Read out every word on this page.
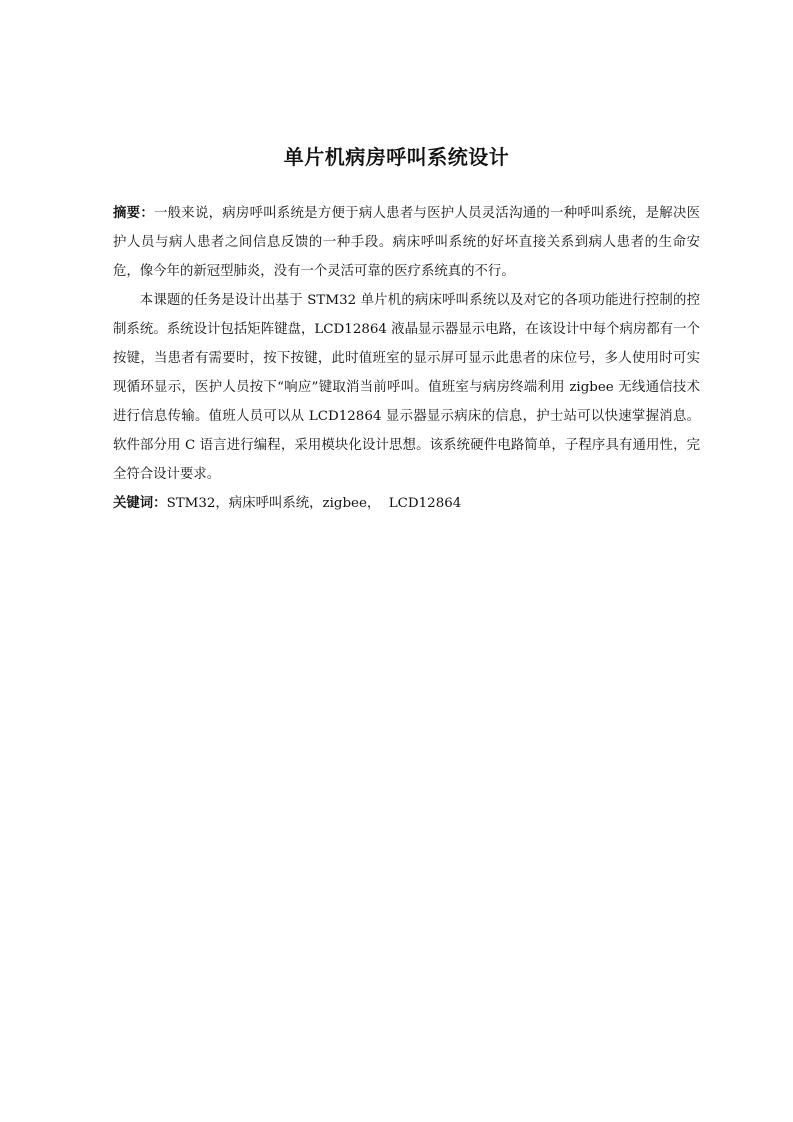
单片机病房呼叫系统设计

摘要：一般来说，病房呼叫系统是方便于病人患者与医护人员灵活沟通的一种呼叫系统，是解决医护人员与病人患者之间信息反馈的一种手段。病床呼叫系统的好坏直接关系到病人患者的生命安危，像今年的新冠型肺炎，没有一个灵活可靠的医疗系统真的不行。

本课题的任务是设计出基于 STM32 单片机的病床呼叫系统以及对它的各项功能进行控制的控制系统。系统设计包括矩阵键盘，LCD12864 液晶显示器显示电路，在该设计中每个病房都有一个按键，当患者有需要时，按下按键，此时值班室的显示屏可显示此患者的床位号，多人使用时可实现循环显示，医护人员按下“响应”键取消当前呼叫。值班室与病房终端利用 zigbee 无线通信技术进行信息传输。值班人员可以从 LCD12864 显示器显示病床的信息，护士站可以快速掌握消息。软件部分用 C 语言进行编程，采用模块化设计思想。该系统硬件电路简单，子程序具有通用性，完全符合设计要求。

关键词：STM32，病床呼叫系统，zigbee，  LCD12864
